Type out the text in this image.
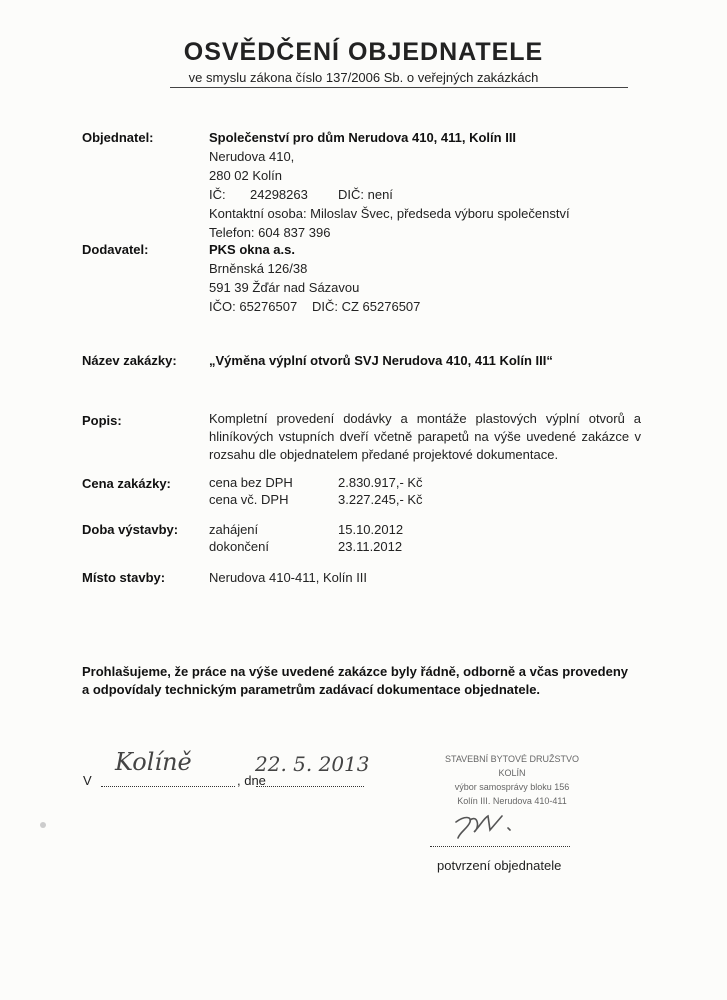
OSVĚDČENÍ OBJEDNATELE
ve smyslu zákona číslo 137/2006 Sb. o veřejných zakázkách
Objednatel:	Společenství pro dům Nerudova 410, 411, Kolín III
Nerudova 410,
280 02 Kolín
IČ: 24298263 DIČ: není
Kontaktní osoba: Miloslav Švec, předseda výboru společenství
Telefon: 604 837 396
Dodavatel:	PKS okna a.s.
Brněnská 126/38
591 39 Žďár nad Sázavou
IČO: 65276507 DIČ: CZ 65276507
Název zakázky: „Výměna výplní otvorů SVJ Nerudova 410, 411 Kolín III“
Popis:	Kompletní provedení dodávky a montáže plastových výplní otvorů a hliníkových vstupních dveří včetně parapetů na výše uvedené zakázce v rozsahu dle objednatelem předané projektové dokumentace.
Cena zakázky:	cena bez DPH	2.830.917,- Kč
cena vč. DPH	3.227.245,- Kč
Doba výstavby: zahájení	15.10.2012
dokončení	23.11.2012
Místo stavby:	Nerudova 410-411, Kolín III
Prohlašujeme, že práce na výše uvedené zakázce byly řádně, odborně a včas provedeny a odpovídaly technickým parametrům zadávací dokumentace objednatele.
V
Kolíně
, dne
22. 5. 2013	STAVEBNÍ BYTOVÉ DRUŽSTVO KOLÍN
výbor samosprávy bloku 156
Kolín III. Nerudova 410-411
potvrzení objednatele
